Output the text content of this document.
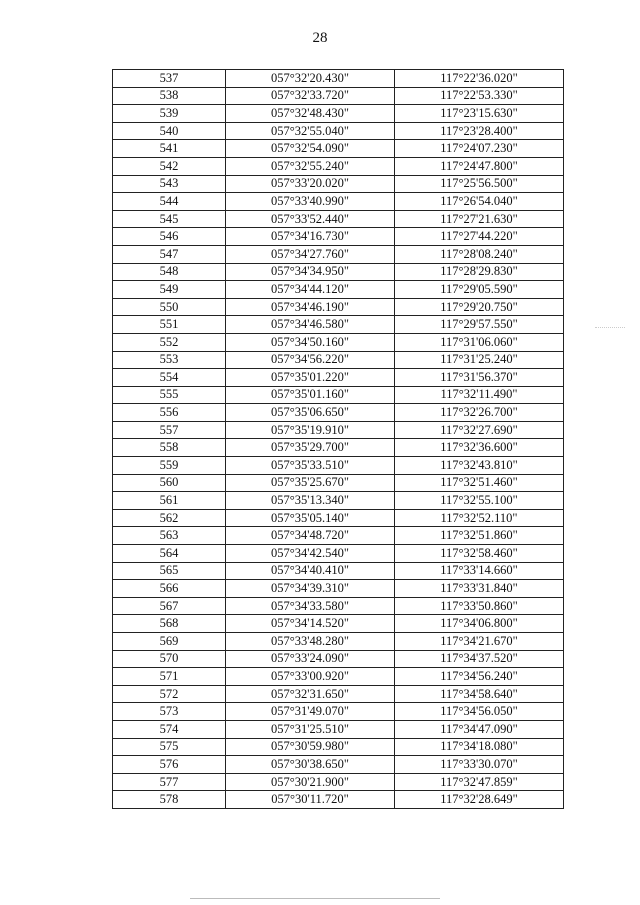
28
537	057°32'20.430"	117°22'36.020"
538	057°32'33.720"	117°22'53.330"
539	057°32'48.430"	117°23'15.630"
540	057°32'55.040"	117°23'28.400"
541	057°32'54.090"	117°24'07.230"
542	057°32'55.240"	117°24'47.800"
543	057°33'20.020"	117°25'56.500"
544	057°33'40.990"	117°26'54.040"
545	057°33'52.440"	117°27'21.630"
546	057°34'16.730"	117°27'44.220"
547	057°34'27.760"	117°28'08.240"
548	057°34'34.950"	117°28'29.830"
549	057°34'44.120"	117°29'05.590"
550	057°34'46.190"	117°29'20.750"
551	057°34'46.580"	117°29'57.550"
552	057°34'50.160"	117°31'06.060"
553	057°34'56.220"	117°31'25.240"
554	057°35'01.220"	117°31'56.370"
555	057°35'01.160"	117°32'11.490"
556	057°35'06.650"	117°32'26.700"
557	057°35'19.910"	117°32'27.690"
558	057°35'29.700"	117°32'36.600"
559	057°35'33.510"	117°32'43.810"
560	057°35'25.670"	117°32'51.460"
561	057°35'13.340"	117°32'55.100"
562	057°35'05.140"	117°32'52.110"
563	057°34'48.720"	117°32'51.860"
564	057°34'42.540"	117°32'58.460"
565	057°34'40.410"	117°33'14.660"
566	057°34'39.310"	117°33'31.840"
567	057°34'33.580"	117°33'50.860"
568	057°34'14.520"	117°34'06.800"
569	057°33'48.280"	117°34'21.670"
570	057°33'24.090"	117°34'37.520"
571	057°33'00.920"	117°34'56.240"
572	057°32'31.650"	117°34'58.640"
573	057°31'49.070"	117°34'56.050"
574	057°31'25.510"	117°34'47.090"
575	057°30'59.980"	117°34'18.080"
576	057°30'38.650"	117°33'30.070"
577	057°30'21.900"	117°32'47.859"
578	057°30'11.720"	117°32'28.649"
